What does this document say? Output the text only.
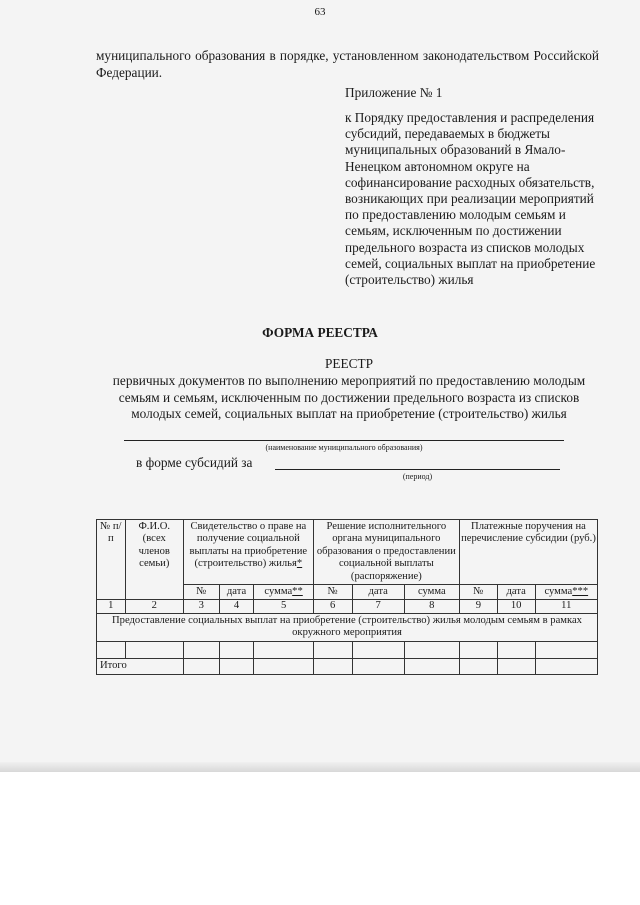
63
муниципального образования в порядке, установленном законодательством Российской Федерации.
Приложение № 1
к Порядку предоставления и распределения субсидий, передаваемых в бюджеты муниципальных образований в Ямало-Ненецком автономном округе на софинансирование расходных обязательств, возникающих при реализации мероприятий по предоставлению молодым семьям и семьям, исключенным по достижении предельного возраста из списков молодых семей, социальных выплат на приобретение (строительство) жилья
ФОРМА РЕЕСТРА
РЕЕСТР
первичных документов по выполнению мероприятий по предоставлению молодым семьям и семьям, исключенным по достижении предельного возраста из списков молодых семей, социальных выплат на приобретение (строительство) жилья
(наименование муниципального образования)
в форме субсидий за
(период)
№ п/п	Ф.И.О. (всех членов семьи)	Свидетельство о праве на получение социальной выплаты на приобретение (строительство) жилья*			Решение исполнительного органа муниципального образования о предоставлении социальной выплаты (распоряжение)			Платежные поручения на перечисление субсидии (руб.)		
		№	дата	сумма**	№	дата	сумма	№	дата	сумма***
1	2	3	4	5	6	7	8	9	10	11
Предоставление социальных выплат на приобретение (строительство) жилья молодым семьям в рамках окружного мероприятия										

Итого										
